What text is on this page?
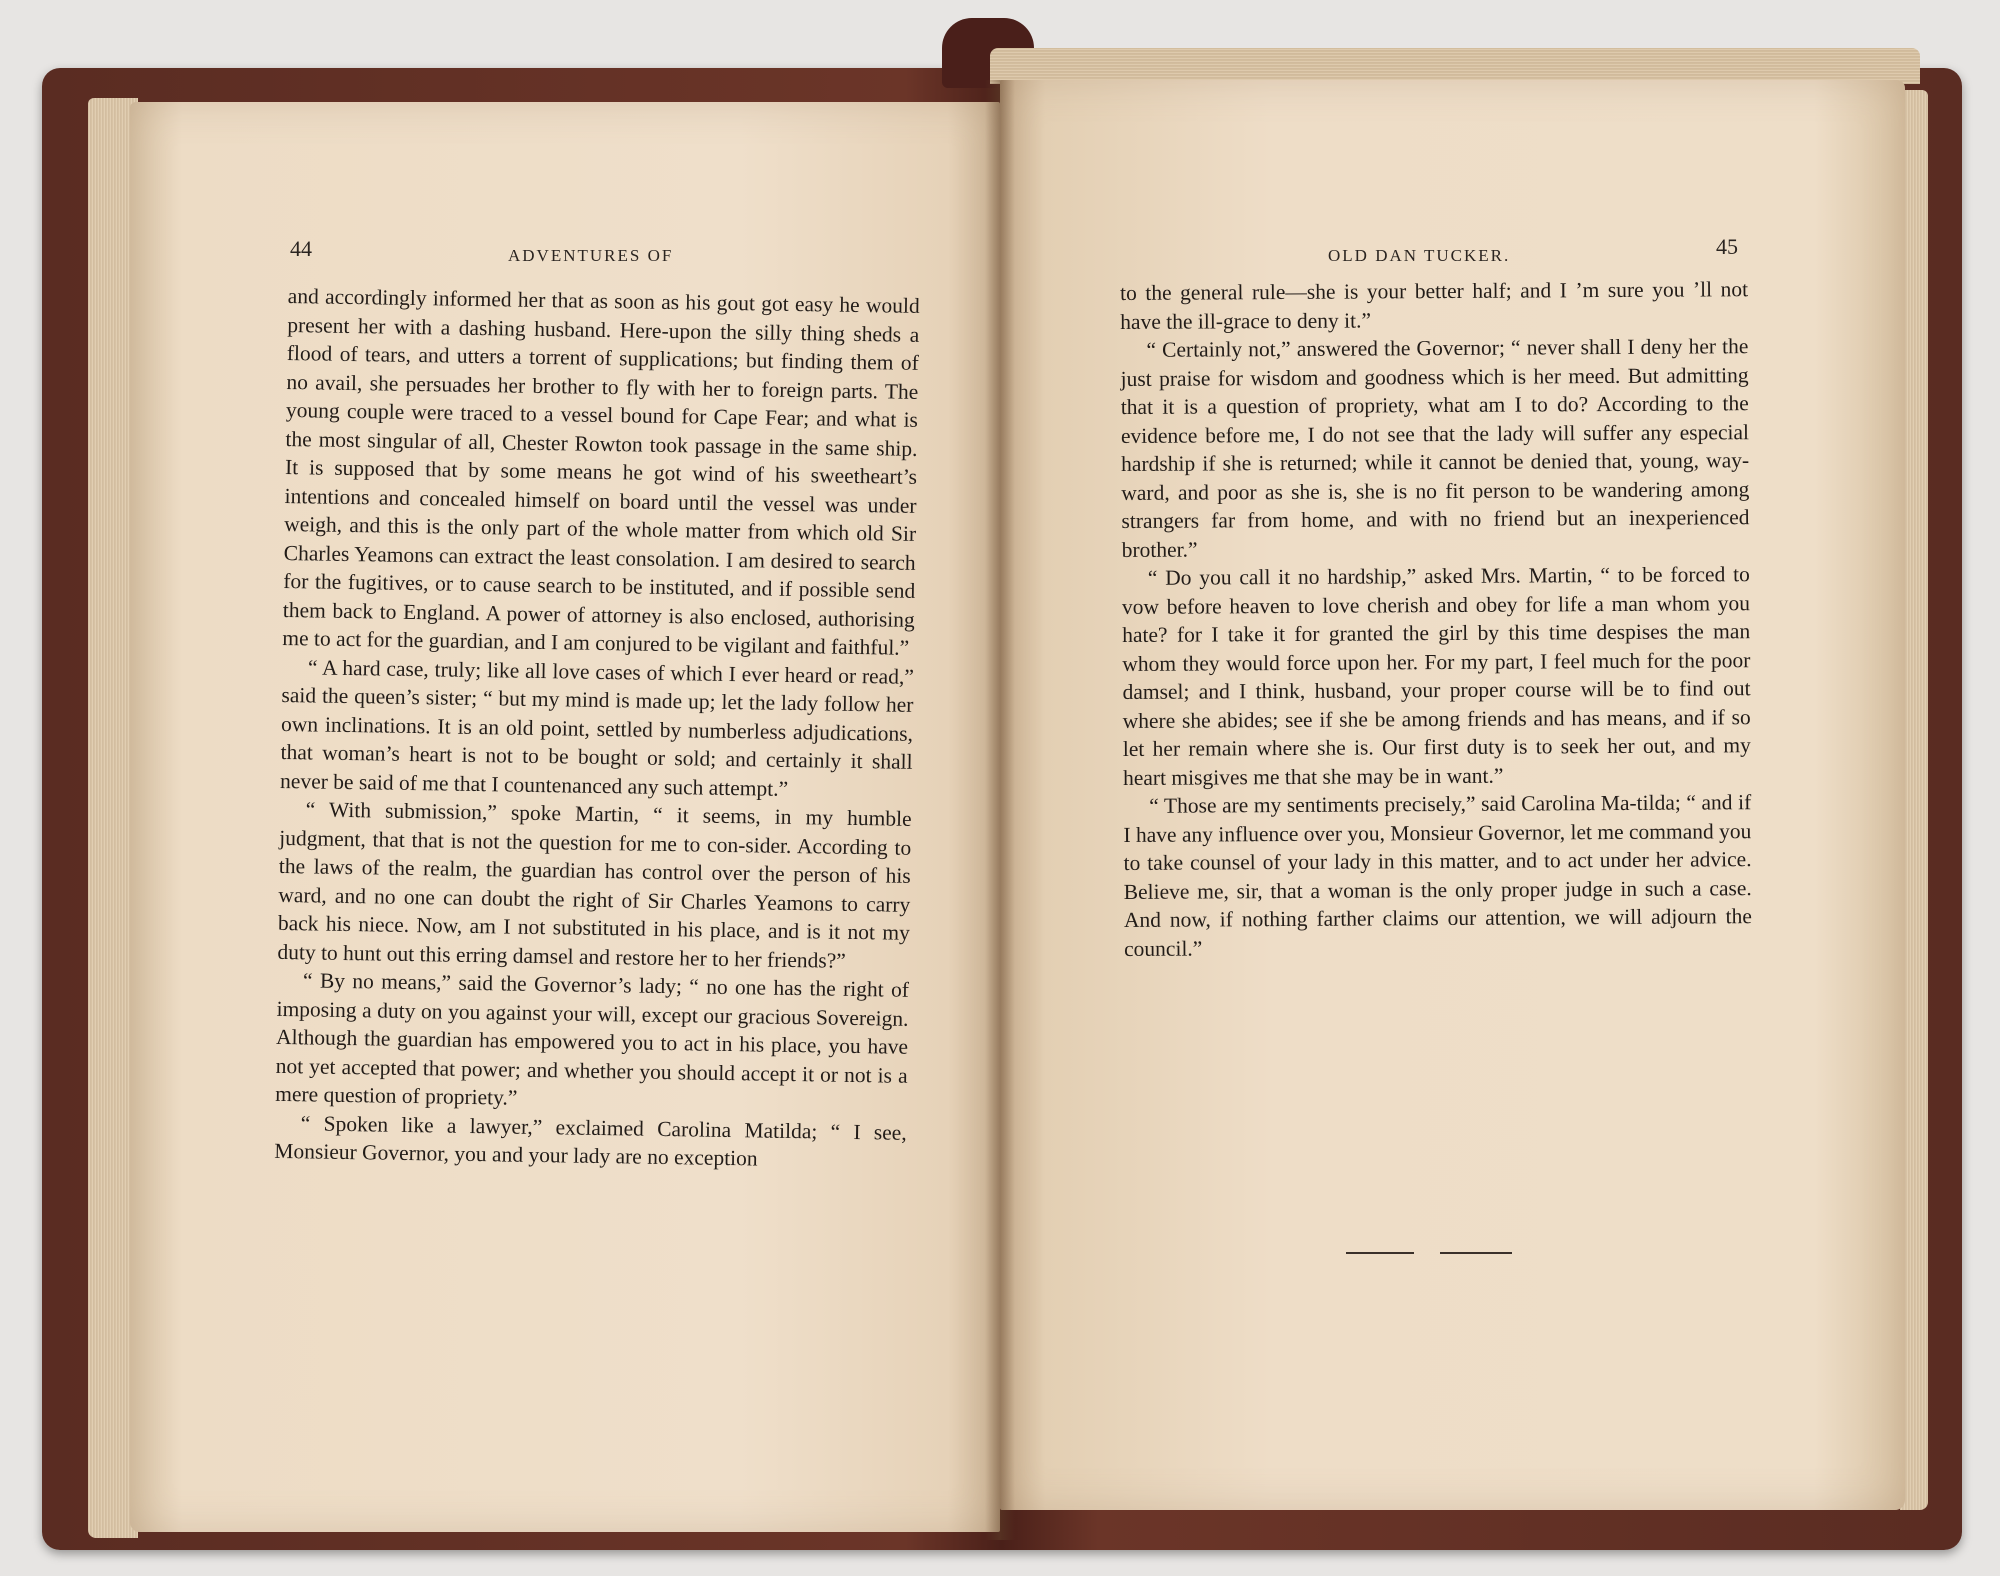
44	ADVENTURES OF	OLD DAN TUCKER.	45

and accordingly informed her that as soon as his gout got easy he would present her with a dashing husband. Here-upon the silly thing sheds a flood of tears, and utters a torrent of supplications; but finding them of no avail, she persuades her brother to fly with her to foreign parts. The young couple were traced to a vessel bound for Cape Fear; and what is the most singular of all, Chester Rowton took passage in the same ship. It is supposed that by some means he got wind of his sweetheart’s intentions and concealed himself on board until the vessel was under weigh, and this is the only part of the whole matter from which old Sir Charles Yeamons can extract the least consolation. I am desired to search for the fugitives, or to cause search to be instituted, and if possible send them back to England. A power of attorney is also enclosed, authorising me to act for the guardian, and I am conjured to be vigilant and faithful.”

“ A hard case, truly; like all love cases of which I ever heard or read,” said the queen’s sister; “ but my mind is made up; let the lady follow her own inclinations. It is an old point, settled by numberless adjudications, that woman’s heart is not to be bought or sold; and certainly it shall never be said of me that I countenanced any such attempt.”

“ With submission,” spoke Martin, “ it seems, in my humble judgment, that that is not the question for me to con-sider. According to the laws of the realm, the guardian has control over the person of his ward, and no one can doubt the right of Sir Charles Yeamons to carry back his niece. Now, am I not substituted in his place, and is it not my duty to hunt out this erring damsel and restore her to her friends?”

“ By no means,” said the Governor’s lady; “ no one has the right of imposing a duty on you against your will, except our gracious Sovereign. Although the guardian has empowered you to act in his place, you have not yet accepted that power; and whether you should accept it or not is a mere question of propriety.”

“ Spoken like a lawyer,” exclaimed Carolina Matilda; “ I see, Monsieur Governor, you and your lady are no exception

to the general rule—she is your better half; and I ’m sure you ’ll not have the ill-grace to deny it.”

“ Certainly not,” answered the Governor; “ never shall I deny her the just praise for wisdom and goodness which is her meed. But admitting that it is a question of propriety, what am I to do? According to the evidence before me, I do not see that the lady will suffer any especial hardship if she is returned; while it cannot be denied that, young, way-ward, and poor as she is, she is no fit person to be wandering among strangers far from home, and with no friend but an inexperienced brother.”

“ Do you call it no hardship,” asked Mrs. Martin, “ to be forced to vow before heaven to love cherish and obey for life a man whom you hate? for I take it for granted the girl by this time despises the man whom they would force upon her. For my part, I feel much for the poor damsel; and I think, husband, your proper course will be to find out where she abides; see if she be among friends and has means, and if so let her remain where she is. Our first duty is to seek her out, and my heart misgives me that she may be in want.”

“ Those are my sentiments precisely,” said Carolina Ma-tilda; “ and if I have any influence over you, Monsieur Governor, let me command you to take counsel of your lady in this matter, and to act under her advice. Believe me, sir, that a woman is the only proper judge in such a case. And now, if nothing farther claims our attention, we will adjourn the council.”
